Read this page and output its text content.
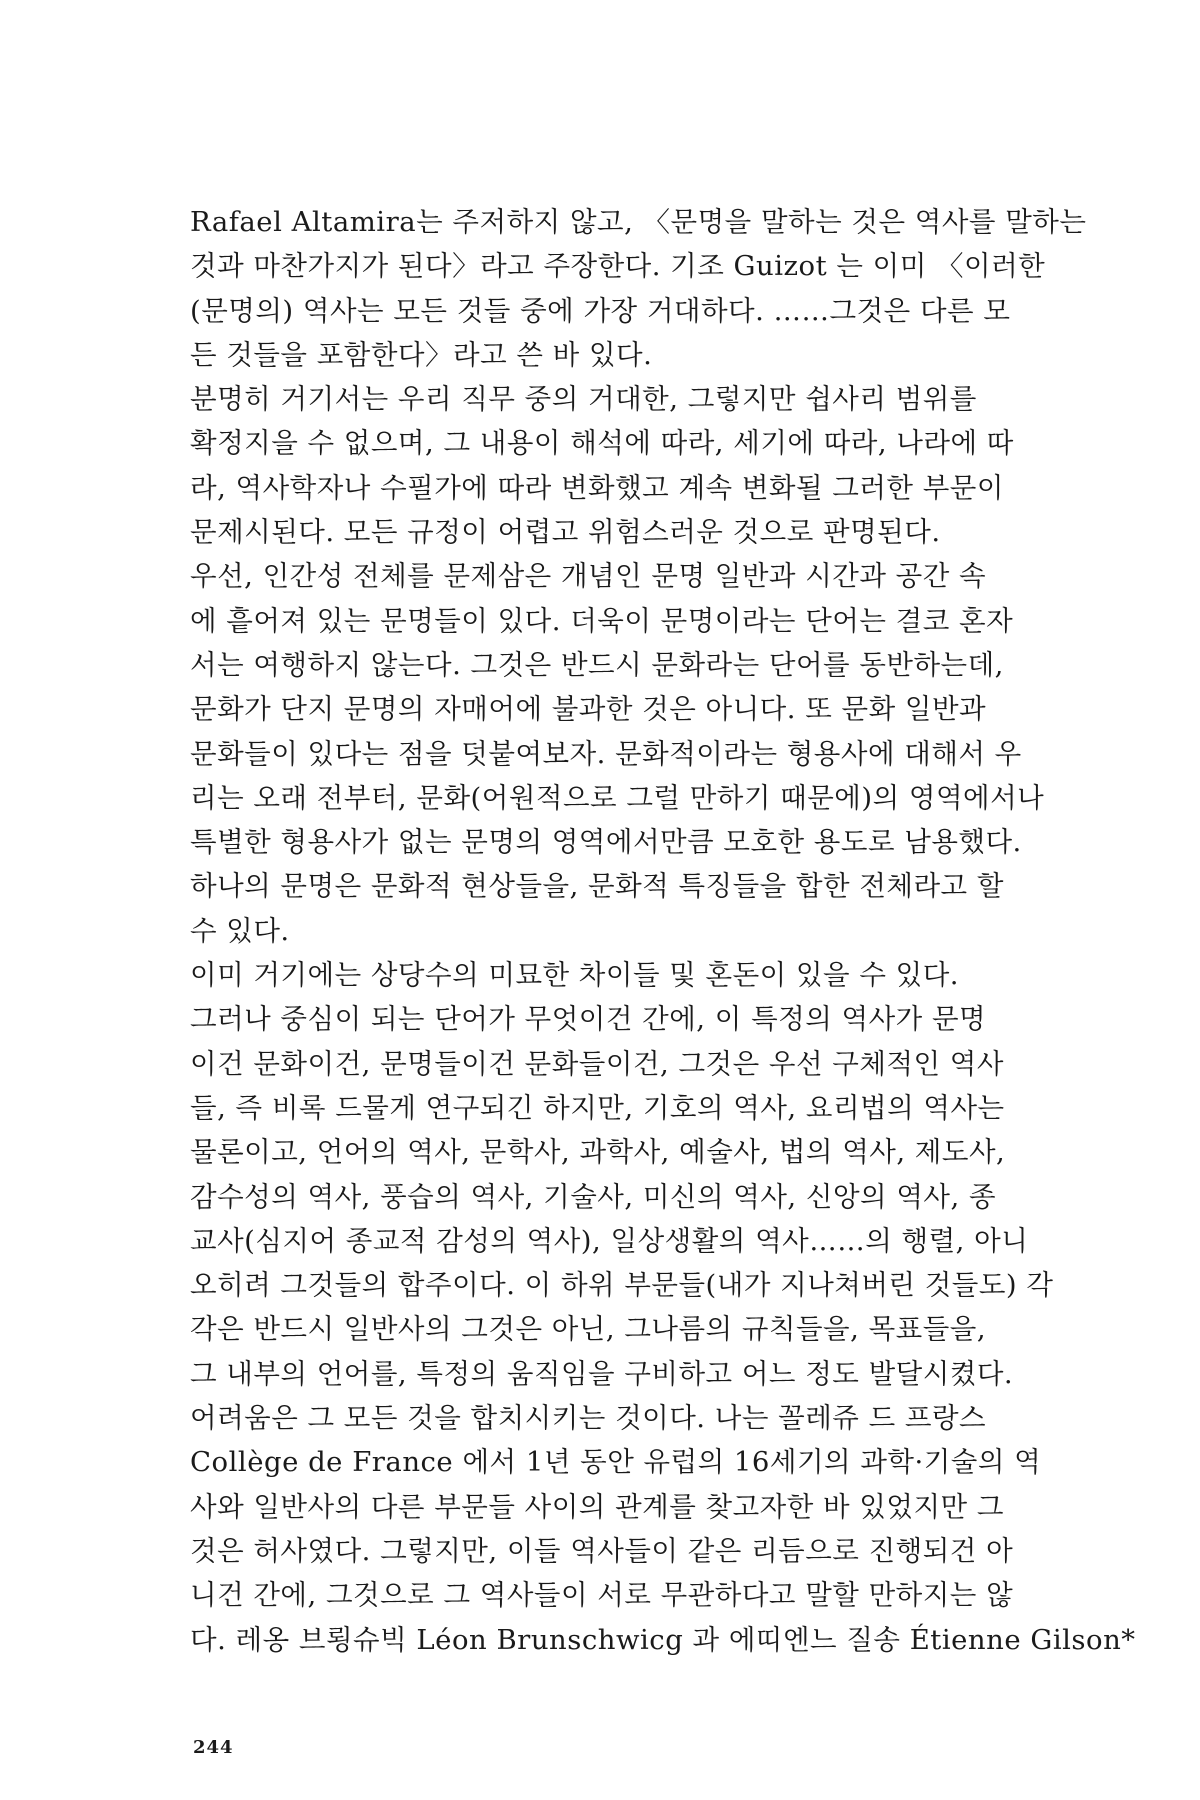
Rafael Altamira는 주저하지 않고, 〈문명을 말하는 것은 역사를 말하는
것과 마찬가지가 된다〉라고 주장한다. 기조 Guizot 는 이미 〈이러한
(문명의) 역사는 모든 것들 중에 가장 거대하다. ……그것은 다른 모
든 것들을 포함한다〉라고 쓴 바 있다.
분명히 거기서는 우리 직무 중의 거대한, 그렇지만 쉽사리 범위를
확정지을 수 없으며, 그 내용이 해석에 따라, 세기에 따라, 나라에 따
라, 역사학자나 수필가에 따라 변화했고 계속 변화될 그러한 부문이
문제시된다. 모든 규정이 어렵고 위험스러운 것으로 판명된다.
우선, 인간성 전체를 문제삼은 개념인 문명 일반과 시간과 공간 속
에 흩어져 있는 문명들이 있다. 더욱이 문명이라는 단어는 결코 혼자
서는 여행하지 않는다. 그것은 반드시 문화라는 단어를 동반하는데,
문화가 단지 문명의 자매어에 불과한 것은 아니다. 또 문화 일반과
문화들이 있다는 점을 덧붙여보자. 문화적이라는 형용사에 대해서 우
리는 오래 전부터, 문화(어원적으로 그럴 만하기 때문에)의 영역에서나
특별한 형용사가 없는 문명의 영역에서만큼 모호한 용도로 남용했다.
하나의 문명은 문화적 현상들을, 문화적 특징들을 합한 전체라고 할
수 있다.
이미 거기에는 상당수의 미묘한 차이들 및 혼돈이 있을 수 있다.
그러나 중심이 되는 단어가 무엇이건 간에, 이 특정의 역사가 문명
이건 문화이건, 문명들이건 문화들이건, 그것은 우선 구체적인 역사
들, 즉 비록 드물게 연구되긴 하지만, 기호의 역사, 요리법의 역사는
물론이고, 언어의 역사, 문학사, 과학사, 예술사, 법의 역사, 제도사,
감수성의 역사, 풍습의 역사, 기술사, 미신의 역사, 신앙의 역사, 종
교사(심지어 종교적 감성의 역사), 일상생활의 역사……의 행렬, 아니
오히려 그것들의 합주이다. 이 하위 부문들(내가 지나쳐버린 것들도) 각
각은 반드시 일반사의 그것은 아닌, 그나름의 규칙들을, 목표들을,
그 내부의 언어를, 특정의 움직임을 구비하고 어느 정도 발달시켰다.
어려움은 그 모든 것을 합치시키는 것이다. 나는 꼴레쥬 드 프랑스
Collège de France 에서 1년 동안 유럽의 16세기의 과학·기술의 역
사와 일반사의 다른 부문들 사이의 관계를 찾고자한 바 있었지만 그
것은 허사였다. 그렇지만, 이들 역사들이 같은 리듬으로 진행되건 아
니건 간에, 그것으로 그 역사들이 서로 무관하다고 말할 만하지는 않
다. 레옹 브룅슈빅 Léon Brunschwicg 과 에띠엔느 질송 Étienne Gilson*
244
